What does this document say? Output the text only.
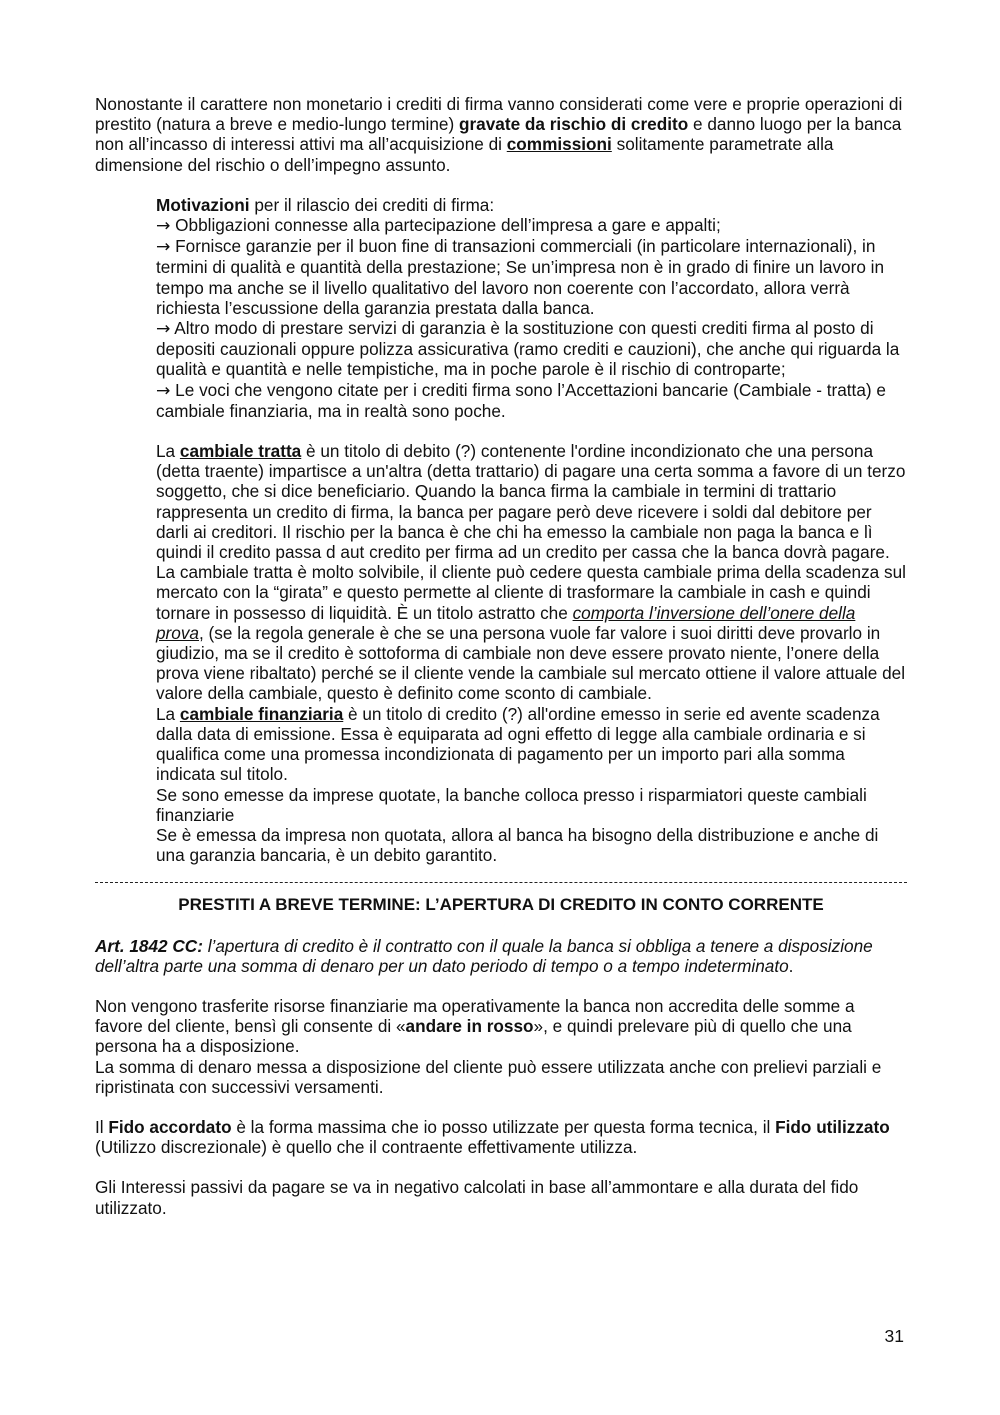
Nonostante il carattere non monetario i crediti di firma vanno considerati come vere e proprie operazioni di prestito (natura a breve e medio-lungo termine) gravate da rischio di credito e danno luogo per la banca non all’incasso di interessi attivi ma all’acquisizione di commissioni solitamente parametrate alla dimensione del rischio o dell’impegno assunto.

Motivazioni per il rilascio dei crediti di firma:

→ Obbligazioni connesse alla partecipazione dell’impresa a gare e appalti;

→ Fornisce garanzie per il buon fine di transazioni commerciali (in particolare internazionali), in termini di qualità e quantità della prestazione; Se un’impresa non è in grado di finire un lavoro in tempo ma anche se il livello qualitativo del lavoro non coerente con l’accordato, allora verrà richiesta l’escussione della garanzia prestata dalla banca.

→ Altro modo di prestare servizi di garanzia è la sostituzione con questi crediti firma al posto di depositi cauzionali oppure polizza assicurativa (ramo crediti e cauzioni), che anche qui riguarda la qualità e quantità e nelle tempistiche, ma in poche parole è il rischio di controparte;

→ Le voci che vengono citate per i crediti firma sono l’Accettazioni bancarie (Cambiale - tratta) e cambiale finanziaria, ma in realtà sono poche.

La cambiale tratta è un titolo di debito (?) contenente l'ordine incondizionato che una persona (detta traente) impartisce a un'altra (detta trattario) di pagare una certa somma a favore di un terzo soggetto, che si dice beneficiario. Quando la banca firma la cambiale in termini di trattario rappresenta un credito di firma, la banca per pagare però deve ricevere i soldi dal debitore per darli ai creditori. Il rischio per la banca è che chi ha emesso la cambiale non paga la banca e lì quindi il credito passa d aut credito per firma ad un credito per cassa che la banca dovrà pagare. La cambiale tratta è molto solvibile, il cliente può cedere questa cambiale prima della scadenza sul mercato con la “girata” e questo permette al cliente di trasformare la cambiale in cash e quindi tornare in possesso di liquidità. È un titolo astratto che comporta l’inversione dell’onere della prova, (se la regola generale è che se una persona vuole far valore i suoi diritti deve provarlo in giudizio, ma se il credito è sottoforma di cambiale non deve essere provato niente, l’onere della prova viene ribaltato) perché se il cliente vende la cambiale sul mercato ottiene il valore attuale del valore della cambiale, questo è definito come sconto di cambiale.

La cambiale finanziaria è un titolo di credito (?) all'ordine emesso in serie ed avente scadenza dalla data di emissione. Essa è equiparata ad ogni effetto di legge alla cambiale ordinaria e si qualifica come una promessa incondizionata di pagamento per un importo pari alla somma indicata sul titolo.

Se sono emesse da imprese quotate, la banche colloca presso i risparmiatori queste cambiali finanziarie

Se è emessa da impresa non quotata, allora al banca ha bisogno della distribuzione e anche di una garanzia bancaria, è un debito garantito.

PRESTITI A BREVE TERMINE: L’APERTURA DI CREDITO IN CONTO CORRENTE

Art. 1842 CC: l’apertura di credito è il contratto con il quale la banca si obbliga a tenere a disposizione dell’altra parte una somma di denaro per un dato periodo di tempo o a tempo indeterminato.

Non vengono trasferite risorse finanziarie ma operativamente la banca non accredita delle somme a favore del cliente, bensì gli consente di «andare in rosso», e quindi prelevare più di quello che una persona ha a disposizione.

La somma di denaro messa a disposizione del cliente può essere utilizzata anche con prelievi parziali e ripristinata con successivi versamenti.

Il Fido accordato è la forma massima che io posso utilizzate per questa forma tecnica, il Fido utilizzato (Utilizzo discrezionale) è quello che il contraente effettivamente utilizza.

Gli Interessi passivi da pagare se va in negativo calcolati in base all’ammontare e alla durata del fido utilizzato.

31
